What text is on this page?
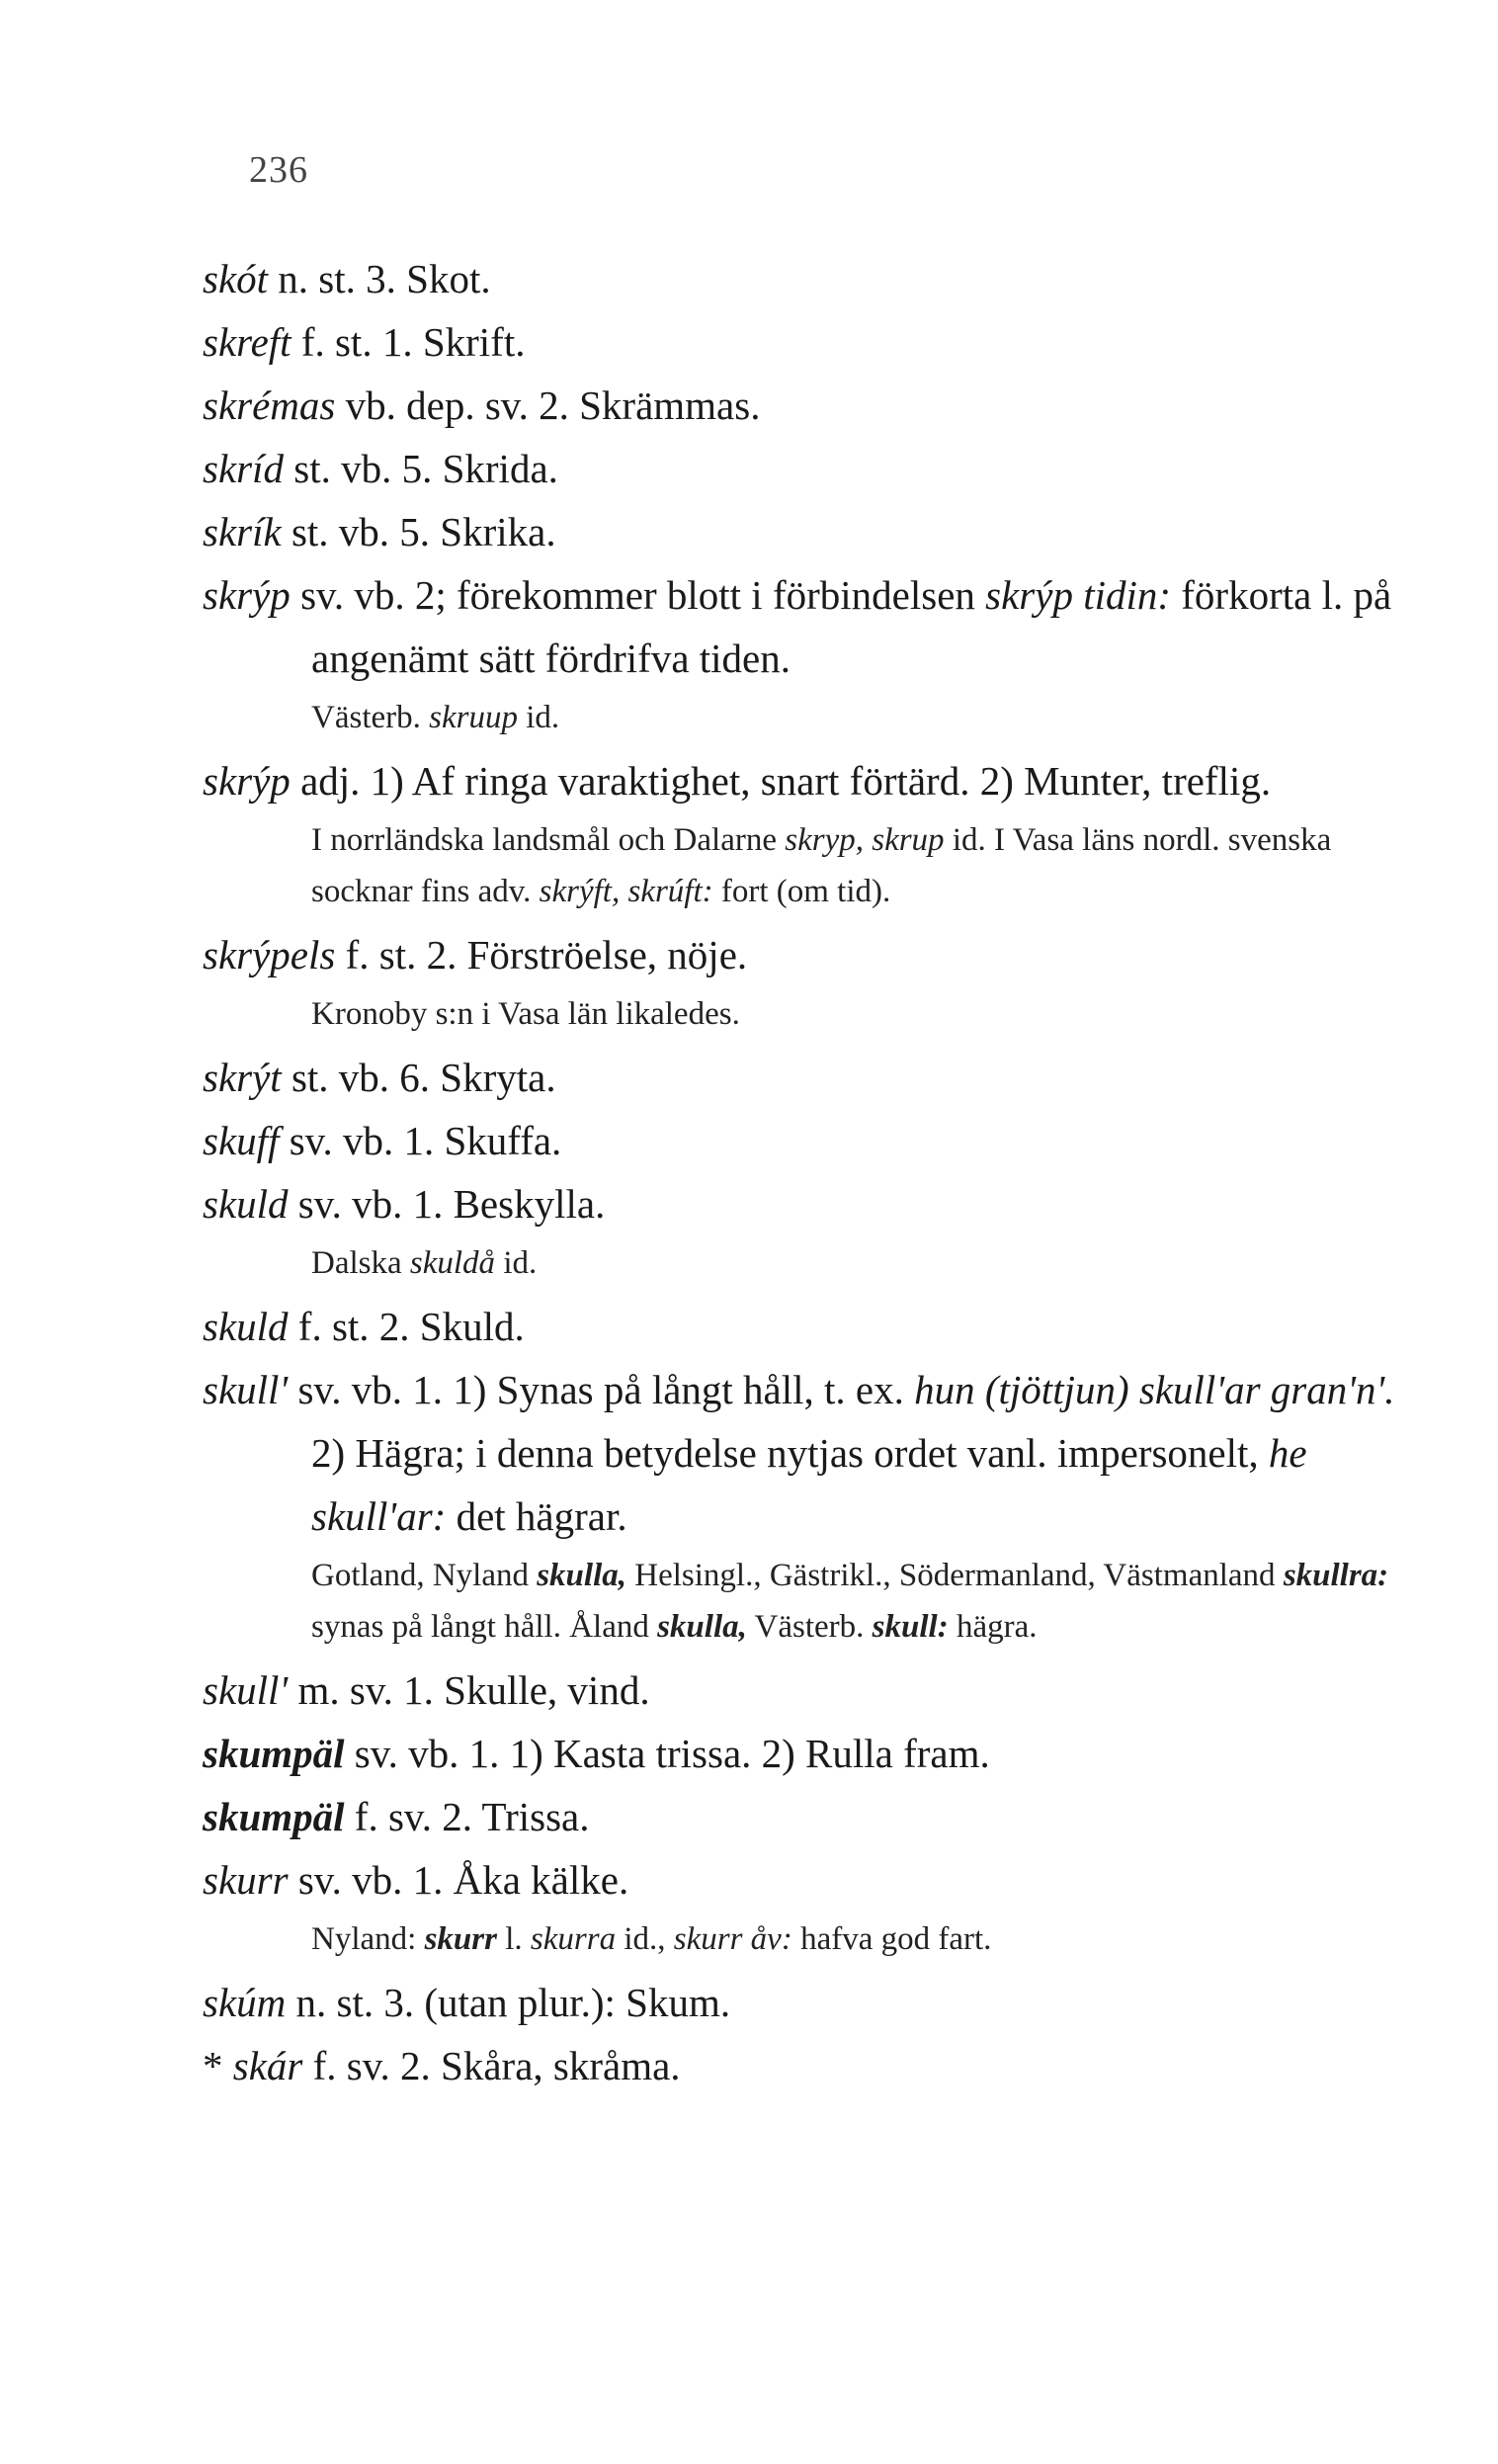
236

skót n. st. 3. Skot.

skreft f. st. 1. Skrift.

skrémas vb. dep. sv. 2. Skrämmas.

skríd st. vb. 5. Skrida.

skrík st. vb. 5. Skrika.

skrýp sv. vb. 2; förekommer blott i förbindelsen skrýp tidin: förkorta l. på angenämt sätt fördrifva tiden.

Västerb. skruup id.

skrýp adj. 1) Af ringa varaktighet, snart förtärd. 2) Munter, treflig.

I norrländska landsmål och Dalarne skryp, skrup id. I Vasa läns nordl. svenska socknar fins adv. skrýft, skrúft: fort (om tid).

skrýpels f. st. 2. Förströelse, nöje.

Kronoby s:n i Vasa län likaledes.

skrýt st. vb. 6. Skryta.

skuff sv. vb. 1. Skuffa.

skuld sv. vb. 1. Beskylla.

Dalska skuldå id.

skuld f. st. 2. Skuld.

skull' sv. vb. 1. 1) Synas på långt håll, t. ex. hun (tjöttjun) skull'ar gran'n'. 2) Hägra; i denna betydelse nytjas ordet vanl. impersonelt, he skull'ar: det hägrar.

Gotland, Nyland skulla, Helsingl., Gästrikl., Södermanland, Västmanland skullra: synas på långt håll. Åland skulla, Västerb. skull: hägra.

skull' m. sv. 1. Skulle, vind.

skumpäl sv. vb. 1. 1) Kasta trissa. 2) Rulla fram.

skumpäl f. sv. 2. Trissa.

skurr sv. vb. 1. Åka kälke.

Nyland: skurr l. skurra id., skurr åv: hafva god fart.

skúm n. st. 3. (utan plur.): Skum.

* skár f. sv. 2. Skåra, skråma.
